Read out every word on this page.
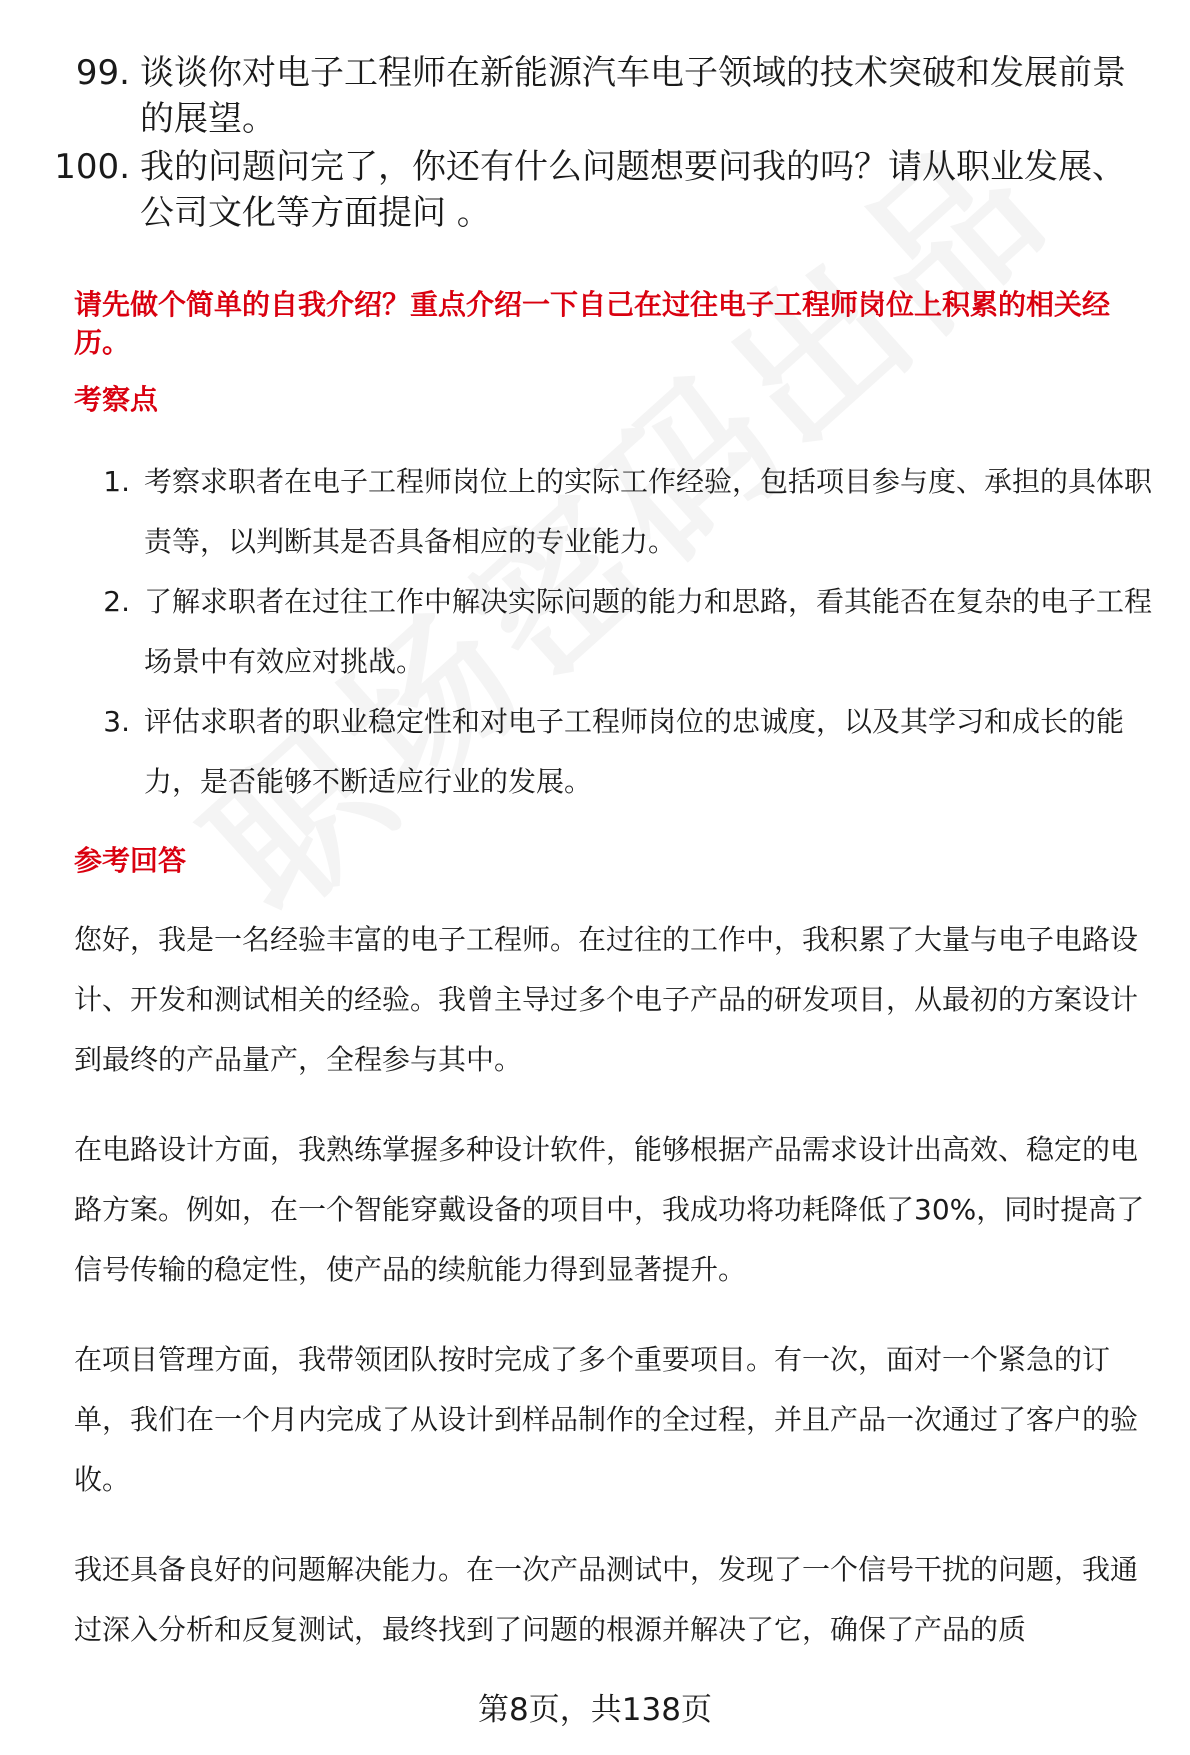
99. 谈谈你对电子工程师在新能源汽车电子领域的技术突破和发展前景的展望。
100. 我的问题问完了，你还有什么问题想要问我的吗？请从职业发展、公司文化等方面提问 。
请先做个简单的自我介绍？重点介绍一下自己在过往电子工程师岗位上积累的相关经历。
考察点
1. 考察求职者在电子工程师岗位上的实际工作经验，包括项目参与度、承担的具体职责等，以判断其是否具备相应的专业能力。
2. 了解求职者在过往工作中解决实际问题的能力和思路，看其能否在复杂的电子工程场景中有效应对挑战。
3. 评估求职者的职业稳定性和对电子工程师岗位的忠诚度，以及其学习和成长的能力，是否能够不断适应行业的发展。
参考回答
您好，我是一名经验丰富的电子工程师。在过往的工作中，我积累了大量与电子电路设计、开发和测试相关的经验。我曾主导过多个电子产品的研发项目，从最初的方案设计到最终的产品量产，全程参与其中。
在电路设计方面，我熟练掌握多种设计软件，能够根据产品需求设计出高效、稳定的电路方案。例如，在一个智能穿戴设备的项目中，我成功将功耗降低了30%，同时提高了信号传输的稳定性，使产品的续航能力得到显著提升。
在项目管理方面，我带领团队按时完成了多个重要项目。有一次，面对一个紧急的订单，我们在一个月内完成了从设计到样品制作的全过程，并且产品一次通过了客户的验收。
我还具备良好的问题解决能力。在一次产品测试中，发现了一个信号干扰的问题，我通过深入分析和反复测试，最终找到了问题的根源并解决了它，确保了产品的质
第8页，共138页
